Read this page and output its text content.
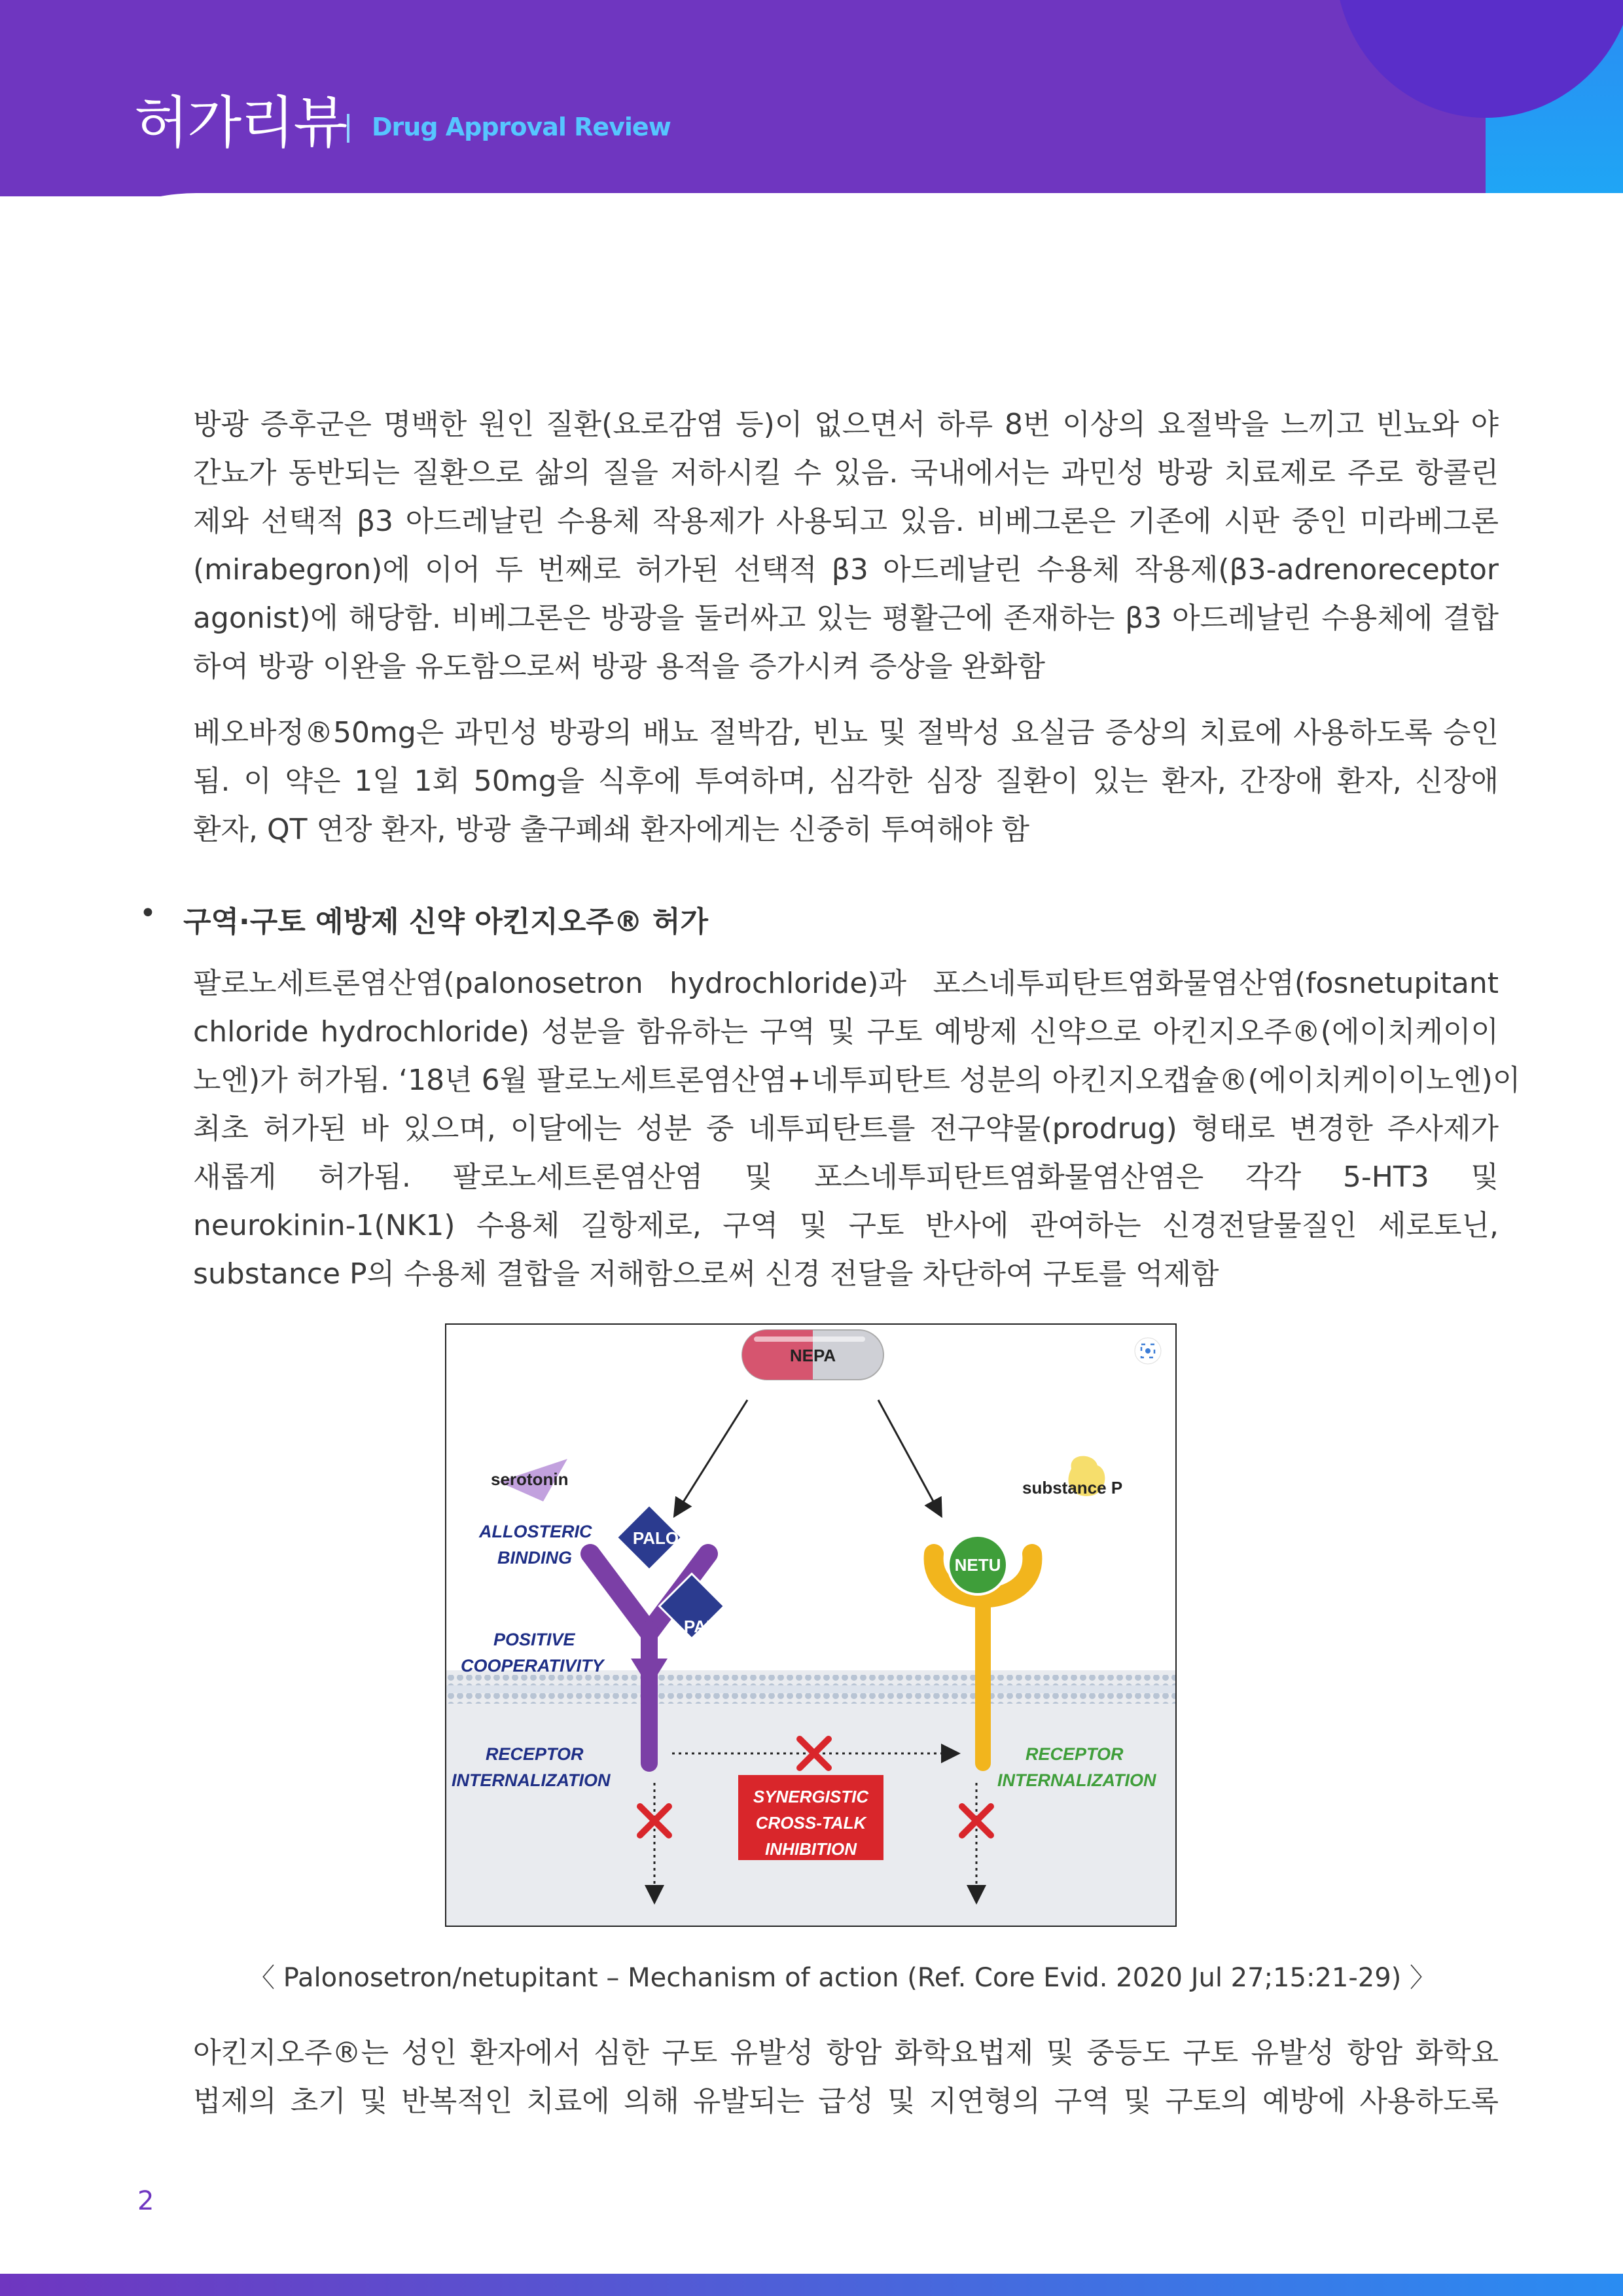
허가리뷰 Drug Approval Review
방광 증후군은 명백한 원인 질환(요로감염 등)이 없으면서 하루 8번 이상의 요절박을 느끼고 빈뇨와 야
간뇨가 동반되는 질환으로 삶의 질을 저하시킬 수 있음. 국내에서는 과민성 방광 치료제로 주로 항콜린
제와 선택적 β3 아드레날린 수용체 작용제가 사용되고 있음. 비베그론은 기존에 시판 중인 미라베그론
(mirabegron)에 이어 두 번째로 허가된 선택적 β3 아드레날린 수용체 작용제(β3-adrenoreceptor
agonist)에 해당함. 비베그론은 방광을 둘러싸고 있는 평활근에 존재하는 β3 아드레날린 수용체에 결합
하여 방광 이완을 유도함으로써 방광 용적을 증가시켜 증상을 완화함
베오바정®50mg은 과민성 방광의 배뇨 절박감, 빈뇨 및 절박성 요실금 증상의 치료에 사용하도록 승인
됨. 이 약은 1일 1회 50mg을 식후에 투여하며, 심각한 심장 질환이 있는 환자, 간장애 환자, 신장애
환자, QT 연장 환자, 방광 출구폐쇄 환자에게는 신중히 투여해야 함
• 구역·구토 예방제 신약 아킨지오주® 허가
팔로노세트론염산염(palonosetron hydrochloride)과 포스네투피탄트염화물염산염(fosnetupitant
chloride hydrochloride) 성분을 함유하는 구역 및 구토 예방제 신약으로 아킨지오주®(에이치케이이
노엔)가 허가됨. ‘18년 6월 팔로노세트론염산염+네투피탄트 성분의 아킨지오캡슐®(에이치케이이노엔)이
최초 허가된 바 있으며, 이달에는 성분 중 네투피탄트를 전구약물(prodrug) 형태로 변경한 주사제가
새롭게 허가됨. 팔로노세트론염산염 및 포스네투피탄트염화물염산염은 각각 5-HT3 및
neurokinin-1(NK1) 수용체 길항제로, 구역 및 구토 반사에 관여하는 신경전달물질인 세로토닌,
substance P의 수용체 결합을 저해함으로써 신경 전달을 차단하여 구토를 억제함
NEPA
serotonin	substance P
ALLOSTERIC
BINDING
POSITIVE
COOPERATIVITY
PALO
PALO
NETU
RECEPTOR
INTERNALIZATION
RECEPTOR
INTERNALIZATION
SYNERGISTIC
CROSS-TALK
INHIBITION
〈 Palonosetron/netupitant – Mechanism of action (Ref. Core Evid. 2020 Jul 27;15:21-29) 〉
아킨지오주®는 성인 환자에서 심한 구토 유발성 항암 화학요법제 및 중등도 구토 유발성 항암 화학요
법제의 초기 및 반복적인 치료에 의해 유발되는 급성 및 지연형의 구역 및 구토의 예방에 사용하도록
2
